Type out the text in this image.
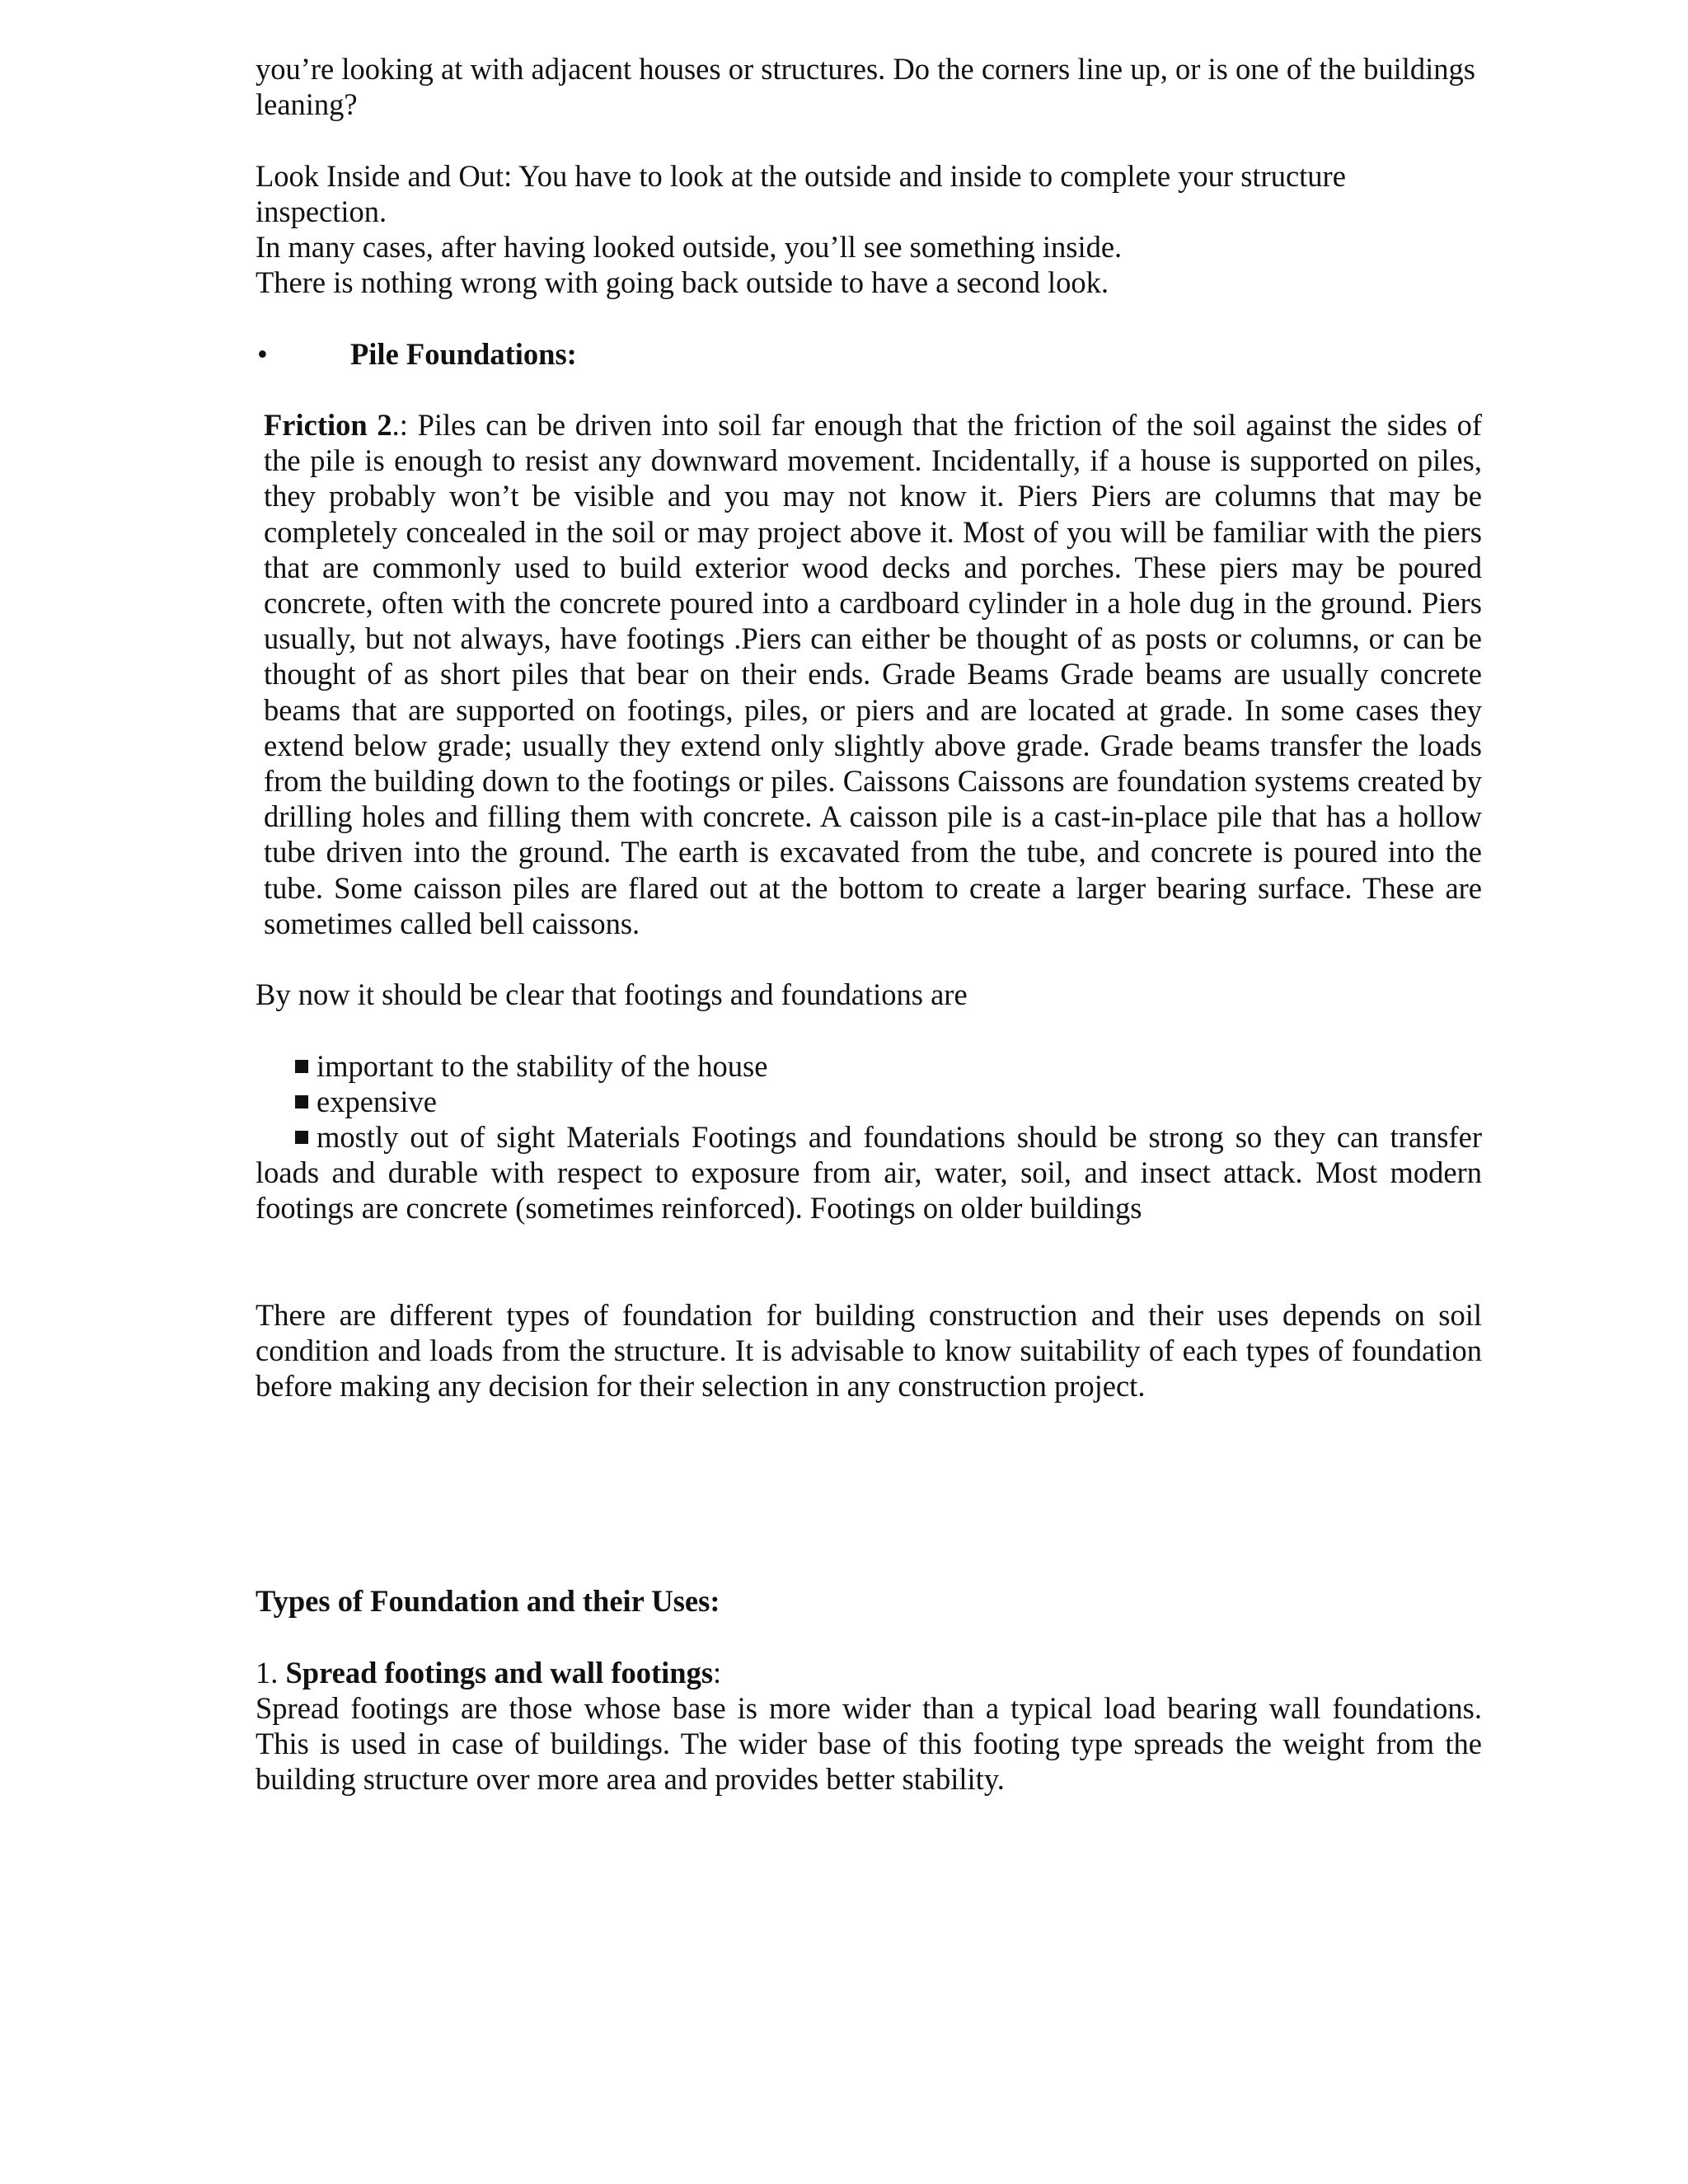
you’re looking at with adjacent houses or structures. Do the corners line up, or is one of the buildings leaning?

Look Inside and Out: You have to look at the outside and inside to complete your structure inspection.

In many cases, after having looked outside, you’ll see something inside.

There is nothing wrong with going back outside to have a second look.

•	Pile Foundations:

Friction 2.: Piles can be driven into soil far enough that the friction of the soil against the sides of the pile is enough to resist any downward movement. Incidentally, if a house is supported on piles, they probably won’t be visible and you may not know it. Piers Piers are columns that may be completely concealed in the soil or may project above it. Most of you will be familiar with the piers that are commonly used to build exterior wood decks and porches. These piers may be poured concrete, often with the concrete poured into a cardboard cylinder in a hole dug in the ground. Piers usually, but not always, have footings .Piers can either be thought of as posts or columns, or can be thought of as short piles that bear on their ends. Grade Beams Grade beams are usually concrete beams that are supported on footings, piles, or piers and are located at grade. In some cases they extend below grade; usually they extend only slightly above grade. Grade beams transfer the loads from the building down to the footings or piles. Caissons Caissons are foundation systems created by drilling holes and filling them with concrete. A caisson pile is a cast-in-place pile that has a hollow tube driven into the ground. The earth is excavated from the tube, and concrete is poured into the tube. Some caisson piles are flared out at the bottom to create a larger bearing surface. These are sometimes called bell caissons.

By now it should be clear that footings and foundations are

important to the stability of the house

expensive

mostly out of sight Materials Footings and foundations should be strong so they can transfer loads and durable with respect to exposure from air, water, soil, and insect attack. Most modern footings are concrete (sometimes reinforced). Footings on older buildings

There are different types of foundation for building construction and their uses depends on soil condition and loads from the structure. It is advisable to know suitability of each types of foundation before making any decision for their selection in any construction project.

Types of Foundation and their Uses:

1. Spread footings and wall footings:

Spread footings are those whose base is more wider than a typical load bearing wall foundations. This is used in case of buildings. The wider base of this footing type spreads the weight from the building structure over more area and provides better stability.
